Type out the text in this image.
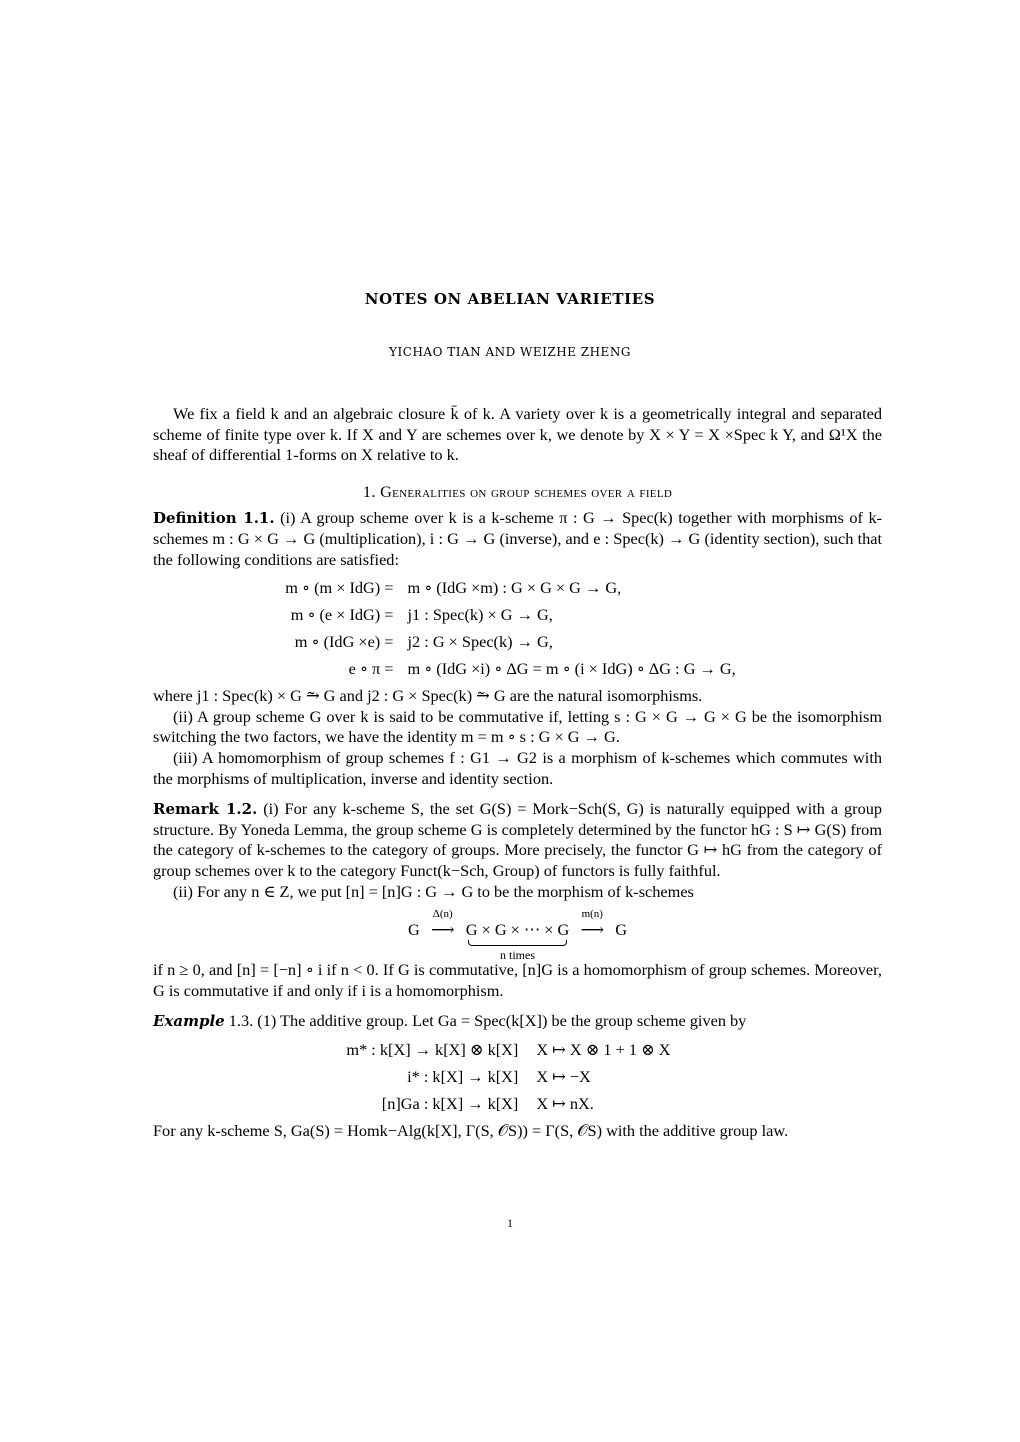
NOTES ON ABELIAN VARIETIES
YICHAO TIAN AND WEIZHE ZHENG

We fix a field k and an algebraic closure k̄ of k. A variety over k is a geometrically integral and separated scheme of finite type over k. If X and Y are schemes over k, we denote by X × Y = X ×Spec k Y, and Ω¹X the sheaf of differential 1-forms on X relative to k.

1. Generalities on group schemes over a field

Definition 1.1. (i) A group scheme over k is a k-scheme π : G → Spec(k) together with morphisms of k-schemes m : G × G → G (multiplication), i : G → G (inverse), and e : Spec(k) → G (identity section), such that the following conditions are satisfied:

m ∘ (m × IdG) = m ∘ (IdG ×m) : G × G × G → G,
m ∘ (e × IdG) = j1 : Spec(k) × G → G,
m ∘ (IdG ×e) = j2 : G × Spec(k) → G,
e ∘ π = m ∘ (IdG ×i) ∘ ΔG = m ∘ (i × IdG) ∘ ΔG : G → G,

where j1 : Spec(k) × G ⥲ G and j2 : G × Spec(k) ⥲ G are the natural isomorphisms.

(ii) A group scheme G over k is said to be commutative if, letting s : G × G → G × G be the isomorphism switching the two factors, we have the identity m = m ∘ s : G × G → G.

(iii) A homomorphism of group schemes f : G1 → G2 is a morphism of k-schemes which commutes with the morphisms of multiplication, inverse and identity section.

Remark 1.2. (i) For any k-scheme S, the set G(S) = Mork−Sch(S, G) is naturally equipped with a group structure. By Yoneda Lemma, the group scheme G is completely determined by the functor hG : S ↦ G(S) from the category of k-schemes to the category of groups. More precisely, the functor G ↦ hG from the category of group schemes over k to the category Funct(k−Sch, Group) of functors is fully faithful.

(ii) For any n ∈ Z, we put [n] = [n]G : G → G to be the morphism of k-schemes

G
Δ(n)
⟶ G × G × ⋯ × G
n times
m(n)
⟶ G

if n ≥ 0, and [n] = [−n] ∘ i if n < 0. If G is commutative, [n]G is a homomorphism of group schemes. Moreover, G is commutative if and only if i is a homomorphism.

Example 1.3. (1) The additive group. Let Ga = Spec(k[X]) be the group scheme given by

m* : k[X] → k[X] ⊗ k[X] X ↦ X ⊗ 1 + 1 ⊗ X
i* : k[X] → k[X] X ↦ −X
[n]Ga : k[X] → k[X] X ↦ nX.

For any k-scheme S, Ga(S) = Homk−Alg(k[X], Γ(S, 𝒪S)) = Γ(S, 𝒪S) with the additive group law.

1
